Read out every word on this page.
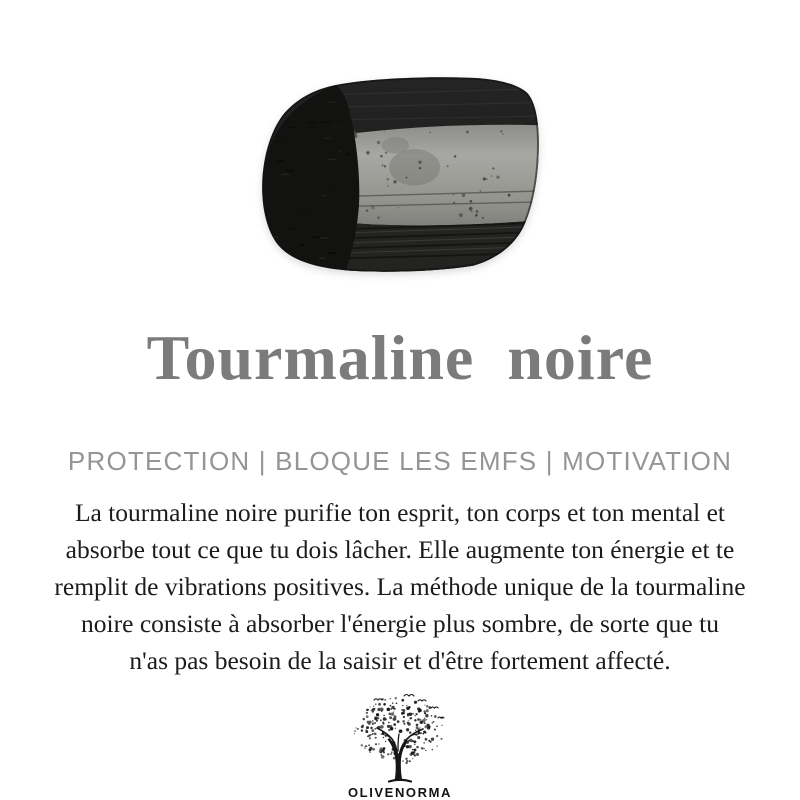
Tourmaline noire
PROTECTION | BLOQUE LES EMFS | MOTIVATION
La tourmaline noire purifie ton esprit, ton corps et ton mental et
absorbe tout ce que tu dois lâcher. Elle augmente ton énergie et te
remplit de vibrations positives. La méthode unique de la tourmaline
noire consiste à absorber l'énergie plus sombre, de sorte que tu
n'as pas besoin de la saisir et d'être fortement affecté.
OLIVENORMA
